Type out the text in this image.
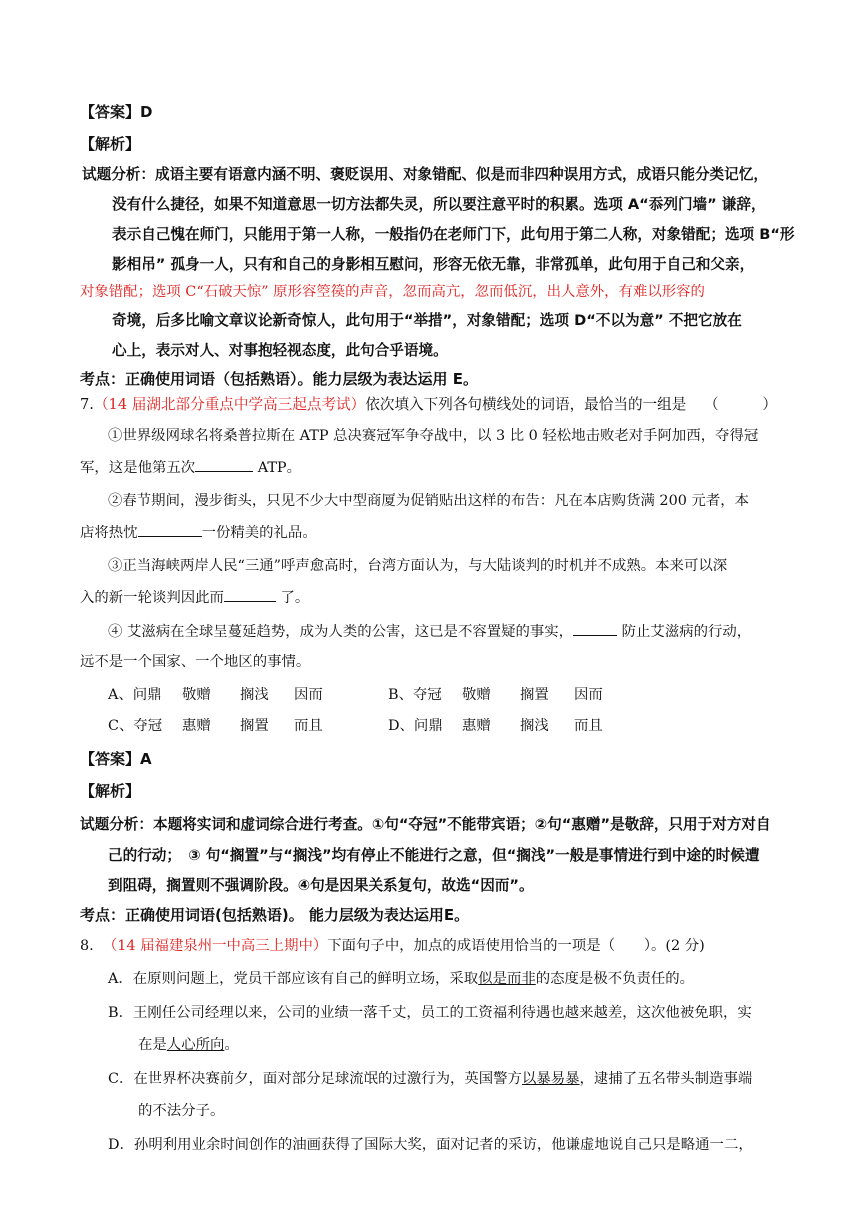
【答案】D
【解析】
试题分析：成语主要有语意内涵不明、褒贬误用、对象错配、似是而非四种误用方式，成语只能分类记忆，
没有什么捷径，如果不知道意思一切方法都失灵，所以要注意平时的积累。选项 A“忝列门墙” 谦辞，
表示自己愧在师门，只能用于第一人称，一般指仍在老师门下，此句用于第二人称，对象错配；选项 B“形
影相吊” 孤身一人，只有和自己的身影相互慰问，形容无依无靠，非常孤单，此句用于自己和父亲，
对象错配；选项 C“石破天惊” 原形容箜篌的声音，忽而高亢，忽而低沉，出人意外，有难以形容的
奇境，后多比喻文章议论新奇惊人，此句用于“举措”，对象错配；选项 D“不以为意” 不把它放在
心上，表示对人、对事抱轻视态度，此句合乎语境。
考点：正确使用词语（包括熟语）。能力层级为表达运用 E。
7.（14 届湖北部分重点中学高三起点考试）依次填入下列各句横线处的词语，最恰当的一组是 （　　　）
①世界级网球名将桑普拉斯在 ATP 总决赛冠军争夺战中，以 3 比 0 轻松地击败老对手阿加西，夺得冠
军，这是他第五次	ATP。
②春节期间，漫步街头，只见不少大中型商厦为促销贴出这样的布告：凡在本店购货满 200 元者，本
店将热忱	一份精美的礼品。
③正当海峡两岸人民“三通”呼声愈高时，台湾方面认为，与大陆谈判的时机并不成熟。本来可以深
入的新一轮谈判因此而	了。
④ 艾滋病在全球呈蔓延趋势，成为人类的公害，这已是不容置疑的事实，	防止艾滋病的行动，
远不是一个国家、一个地区的事情。
A、问鼎 敬赠 搁浅 因而	B、夺冠 敬赠 搁置 因而
C、夺冠 惠赠 搁置 而且	D、问鼎 惠赠 搁浅 而且
【答案】A
【解析】
试题分析：本题将实词和虚词综合进行考查。①句“夺冠”不能带宾语；②句“惠赠”是敬辞，只用于对方对自
己的行动；　③ 句“搁置”与“搁浅”均有停止不能进行之意，但“搁浅”一般是事情进行到中途的时候遭
到阻碍，搁置则不强调阶段。④句是因果关系复句，故选“因而”。
考点：正确使用词语(包括熟语)。 能力层级为表达运用E。
8. （14 届福建泉州一中高三上期中）下面句子中，加点的成语使用恰当的一项是（　　）。(2 分)
A．在原则问题上，党员干部应该有自己的鲜明立场，采取似是而非的态度是极不负责任的。
B．王刚任公司经理以来，公司的业绩一落千丈，员工的工资福利待遇也越来越差，这次他被免职，实
在是人心所向。
C．在世界杯决赛前夕，面对部分足球流氓的过激行为，英国警方以暴易暴，逮捕了五名带头制造事端
的不法分子。
D．孙明利用业余时间创作的油画获得了国际大奖，面对记者的采访，他谦虚地说自己只是略通一二，
